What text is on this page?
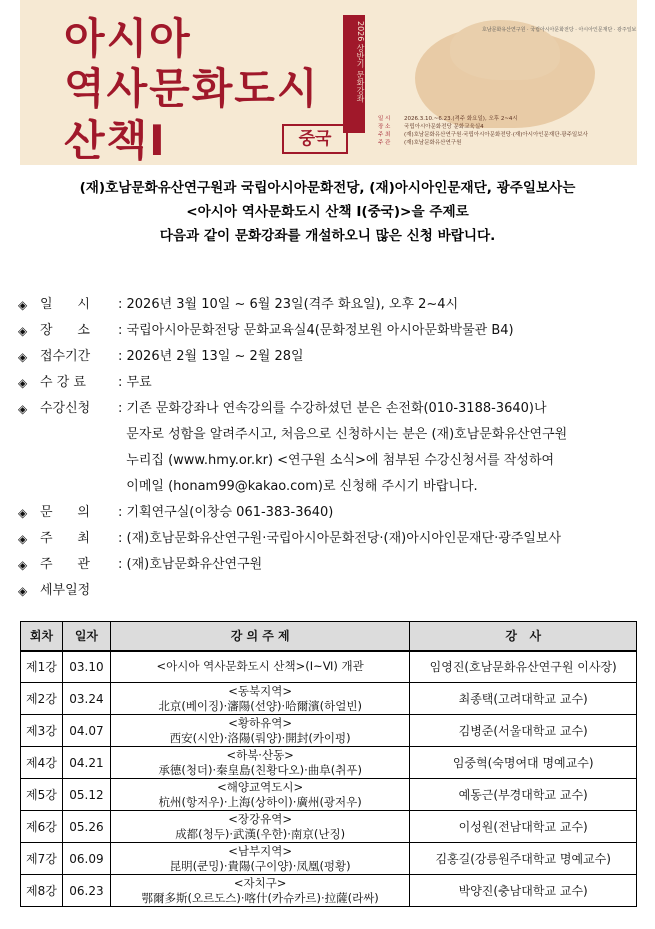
아시아
역사문화도시
산책Ⅰ
2026 상반기 문화강좌
중국
호남문화유산연구원 · 국립아시아문화전당 · 아시아인문재단 · 광주일보
일 시 2026.3.10.~6.23.(격주 화요일), 오후 2~4시
장 소 국립아시아문화전당 문화교육실4
주 최 (재)호남문화유산연구원·국립아시아문화전당·(재)아시아인문재단·광주일보사
주 관 (재)호남문화유산연구원
(재)호남문화유산연구원과 국립아시아문화전당, (재)아시아인문재단, 광주일보사는
<아시아 역사문화도시 산책 Ⅰ(중국)>을 주제로
다음과 같이 문화강좌를 개설하오니 많은 신청 바랍니다.
◈ 일      시 : 2026년 3월 10일 ~ 6월 23일(격주 화요일), 오후 2~4시
◈ 장      소 : 국립아시아문화전당 문화교육실4(문화정보원 아시아문화박물관 B4)
◈ 접수기간 : 2026년 2월 13일 ~ 2월 28일
◈ 수 강 료 : 무료
◈ 수강신청 : 기존 문화강좌나 연속강의를 수강하셨던 분은 손전화(010-3188-3640)나
문자로 성함을 알려주시고, 처음으로 신청하시는 분은 (재)호남문화유산연구원
누리집 (www.hmy.or.kr) <연구원 소식>에 첨부된 수강신청서를 작성하여
이메일 (honam99@kakao.com)로 신청해 주시기 바랍니다.
◈ 문      의 : 기획연구실(이창승 061-383-3640)
◈ 주      최 : (재)호남문화유산연구원·국립아시아문화전당·(재)아시아인문재단·광주일보사
◈ 주      관 : (재)호남문화유산연구원
◈ 세부일정
회차	일자	강 의 주 제	강   사
제1강	03.10	<아시아 역사문화도시 산책>(Ⅰ~Ⅵ) 개관	임영진(호남문화유산연구원 이사장)
제2강	03.24	<동북지역>
北京(베이징)·瀋陽(선양)·哈爾濱(하얼빈)	최종택(고려대학교 교수)
제3강	04.07	<황하유역>
西安(시안)·洛陽(뤄양)·開封(카이펑)	김병준(서울대학교 교수)
제4강	04.21	<하북·산동>
承德(청더)·秦皇島(친황다오)·曲阜(취푸)	임중혁(숙명여대 명예교수)
제5강	05.12	<해양교역도시>
杭州(항저우)·上海(상하이)·廣州(광저우)	예동근(부경대학교 교수)
제6강	05.26	<장강유역>
成都(청두)·武漢(우한)·南京(난징)	이성원(전남대학교 교수)
제7강	06.09	<남부지역>
昆明(쿤밍)·貴陽(구이양)·凤凰(펑황)	김홍길(강릉원주대학교 명예교수)
제8강	06.23	<자치구>
鄂爾多斯(오르도스)·喀什(카슈카르)·拉薩(라싸)	박양진(충남대학교 교수)
